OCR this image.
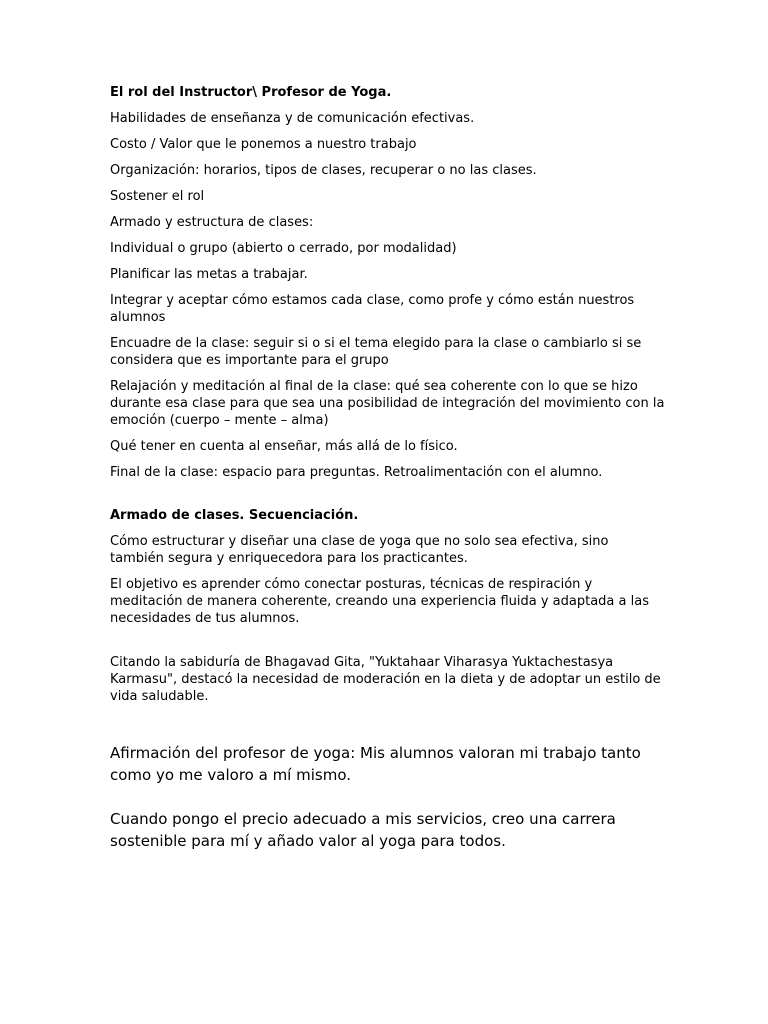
El rol del Instructor\ Profesor de Yoga.

Habilidades de enseñanza y de comunicación efectivas.

Costo / Valor que le ponemos a nuestro trabajo

Organización: horarios, tipos de clases, recuperar o no las clases.

Sostener el rol

Armado y estructura de clases:

Individual o grupo (abierto o cerrado, por modalidad)

Planificar las metas a trabajar.

Integrar y aceptar cómo estamos cada clase, como profe y cómo están nuestros alumnos

Encuadre de la clase: seguir si o si el tema elegido para la clase o cambiarlo si se considera que es importante para el grupo

Relajación y meditación al final de la clase: qué sea coherente con lo que se hizo durante esa clase para que sea una posibilidad de integración del movimiento con la emoción (cuerpo – mente – alma)

Qué tener en cuenta al enseñar, más allá de lo físico.

Final de la clase: espacio para preguntas. Retroalimentación con el alumno.

Armado de clases. Secuenciación.

Cómo estructurar y diseñar una clase de yoga que no solo sea efectiva, sino también segura y enriquecedora para los practicantes.

El objetivo es aprender cómo conectar posturas, técnicas de respiración y meditación de manera coherente, creando una experiencia fluida y adaptada a las necesidades de tus alumnos.

Citando la sabiduría de Bhagavad Gita, "Yuktahaar Viharasya Yuktachestasya Karmasu", destacó la necesidad de moderación en la dieta y de adoptar un estilo de vida saludable.

Afirmación del profesor de yoga: Mis alumnos valoran mi trabajo tanto como yo me valoro a mí mismo.

Cuando pongo el precio adecuado a mis servicios, creo una carrera sostenible para mí y añado valor al yoga para todos.
